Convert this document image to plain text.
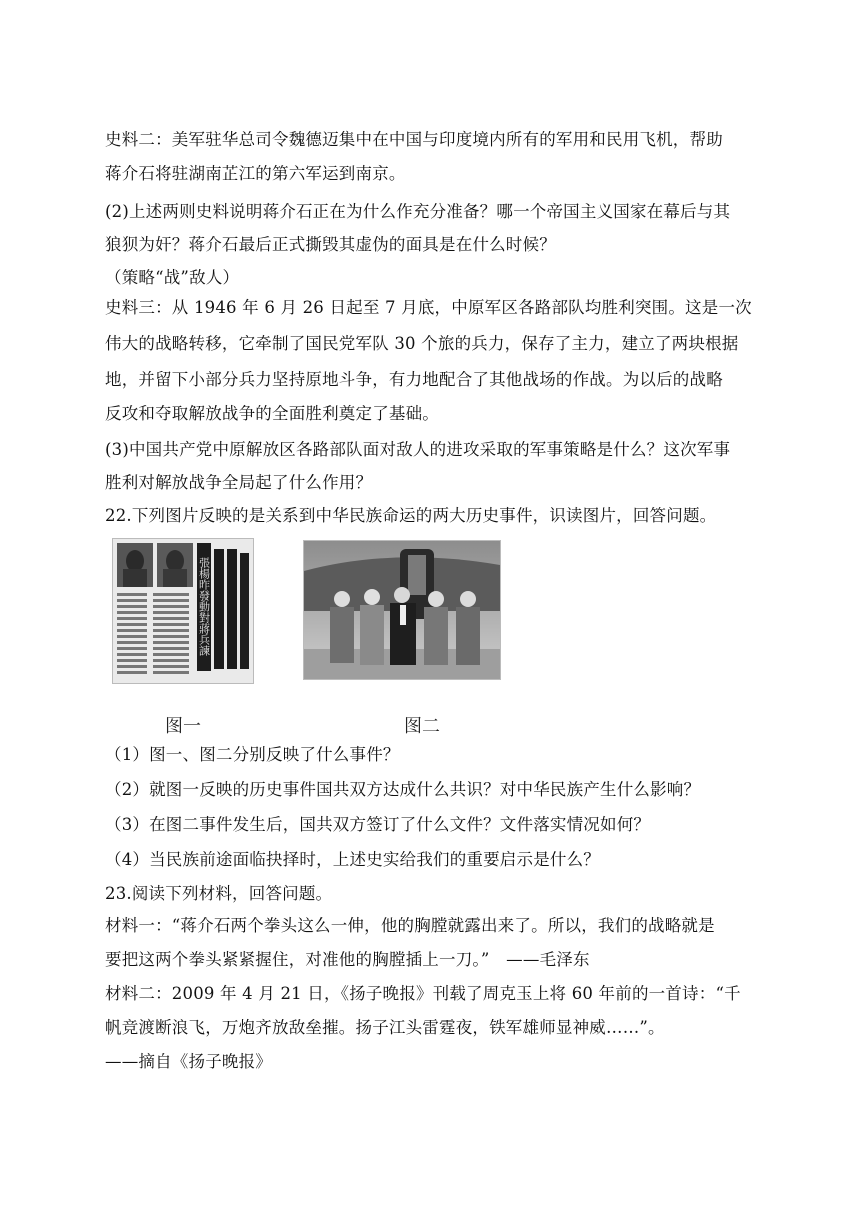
史料二：美军驻华总司令魏德迈集中在中国与印度境内所有的军用和民用飞机，帮助
蒋介石将驻湖南芷江的第六军运到南京。
(2)上述两则史料说明蒋介石正在为什么作充分准备？哪一个帝国主义国家在幕后与其
狼狈为奸？蒋介石最后正式撕毁其虚伪的面具是在什么时候？
（策略“战”敌人）
史料三：从 1946 年 6 月 26 日起至 7 月底，中原军区各路部队均胜利突围。这是一次
伟大的战略转移，它牵制了国民党军队 30 个旅的兵力，保存了主力，建立了两块根据
地，并留下小部分兵力坚持原地斗争，有力地配合了其他战场的作战。为以后的战略
反攻和夺取解放战争的全面胜利奠定了基础。
(3)中国共产党中原解放区各路部队面对敌人的进攻采取的军事策略是什么？这次军事
胜利对解放战争全局起了什么作用？
22.下列图片反映的是关系到中华民族命运的两大历史事件，识读图片，回答问题。
張楊昨發動對蔣兵諫
图一	图二
（1）图一、图二分别反映了什么事件？
（2）就图一反映的历史事件国共双方达成什么共识？对中华民族产生什么影响？
（3）在图二事件发生后，国共双方签订了什么文件？文件落实情况如何？
（4）当民族前途面临抉择时，上述史实给我们的重要启示是什么？
23.阅读下列材料，回答问题。
材料一：“蒋介石两个拳头这么一伸，他的胸膛就露出来了。所以，我们的战略就是
要把这两个拳头紧紧握住，对准他的胸膛插上一刀。”　——毛泽东
材料二：2009 年 4 月 21 日，《扬子晚报》刊载了周克玉上将 60 年前的一首诗：“千
帆竞渡断浪飞，万炮齐放敌垒摧。扬子江头雷霆夜，铁军雄师显神威……”。
——摘自《扬子晚报》
